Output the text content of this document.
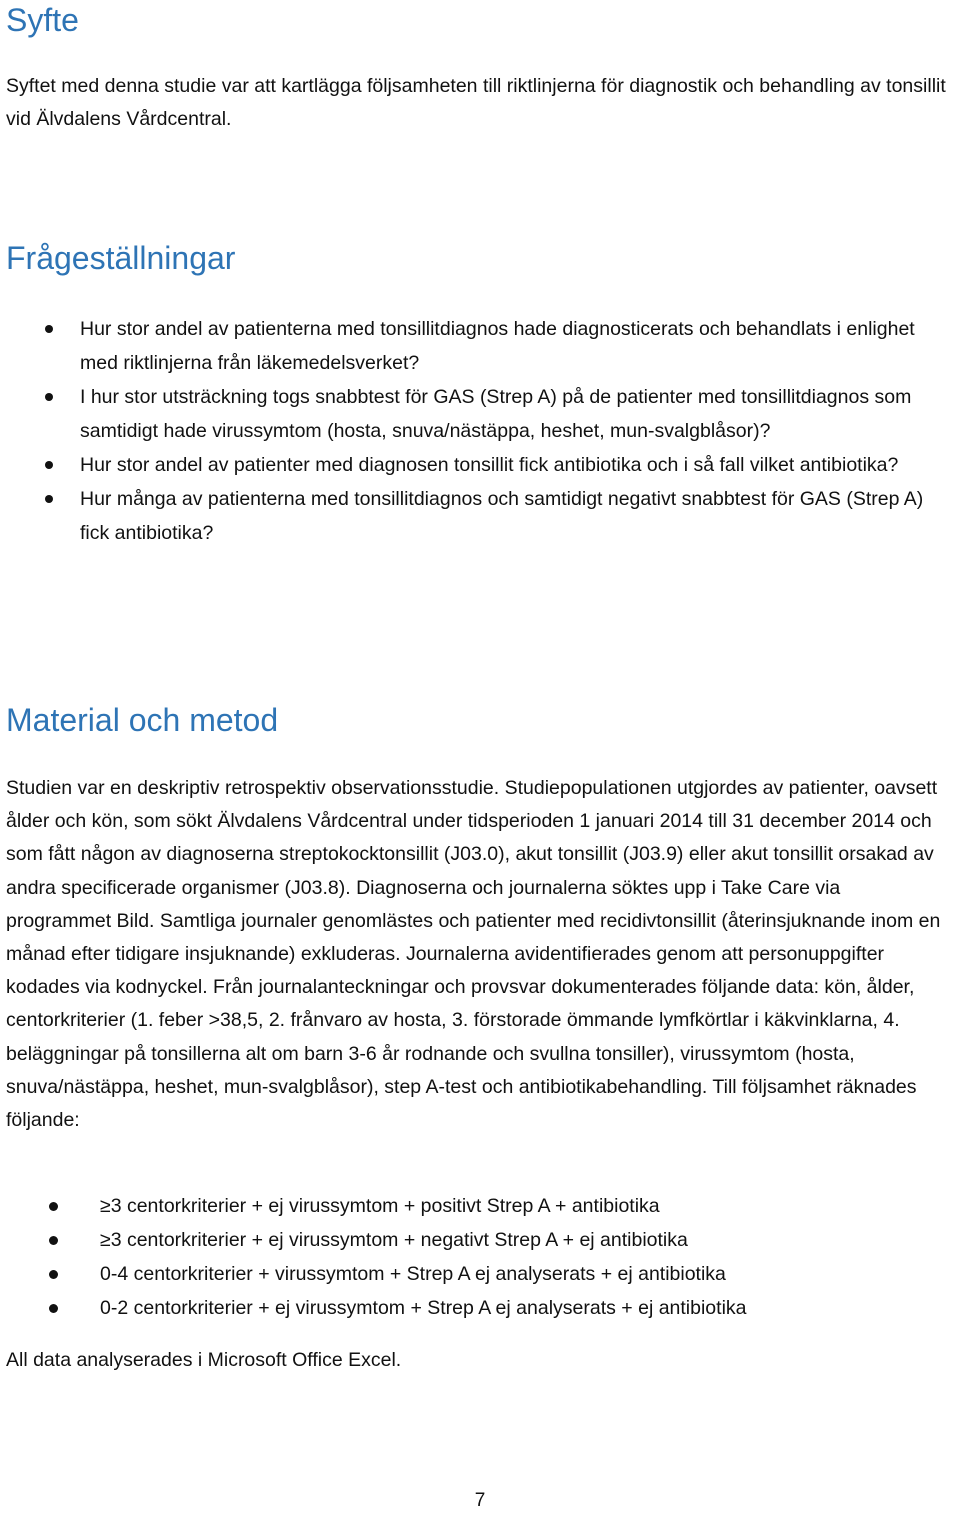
Syfte

Syftet med denna studie var att kartlägga följsamheten till riktlinjerna för diagnostik och behandling av tonsillit vid Älvdalens Vårdcentral.

Frågeställningar
Hur stor andel av patienterna med tonsillitdiagnos hade diagnosticerats och behandlats i enlighet med riktlinjerna från läkemedelsverket?
I hur stor utsträckning togs snabbtest för GAS (Strep A) på de patienter med tonsillitdiagnos som samtidigt hade virussymtom (hosta, snuva/nästäppa, heshet, mun-svalgblåsor)?
Hur stor andel av patienter med diagnosen tonsillit fick antibiotika och i så fall vilket antibiotika?
Hur många av patienterna med tonsillitdiagnos och samtidigt negativt snabbtest för GAS (Strep A) fick antibiotika?
Material och metod

Studien var en deskriptiv retrospektiv observationsstudie. Studiepopulationen utgjordes av patienter, oavsett ålder och kön, som sökt Älvdalens Vårdcentral under tidsperioden 1 januari 2014 till 31 december 2014 och som fått någon av diagnoserna streptokocktonsillit (J03.0), akut tonsillit (J03.9) eller akut tonsillit orsakad av andra specificerade organismer (J03.8). Diagnoserna och journalerna söktes upp i Take Care via programmet Bild. Samtliga journaler genomlästes och patienter med recidivtonsillit (återinsjuknande inom en månad efter tidigare insjuknande) exkluderas. Journalerna avidentifierades genom att personuppgifter kodades via kodnyckel. Från journalanteckningar och provsvar dokumenterades följande data: kön, ålder, centorkriterier (1. feber >38,5, 2. frånvaro av hosta, 3. förstorade ömmande lymfkörtlar i käkvinklarna, 4. beläggningar på tonsillerna alt om barn 3-6 år rodnande och svullna tonsiller), virussymtom (hosta, snuva/nästäppa, heshet, mun-svalgblåsor), step A-test och antibiotikabehandling. Till följsamhet räknades följande:

≥3 centorkriterier + ej virussymtom + positivt Strep A + antibiotika
≥3 centorkriterier + ej virussymtom + negativt Strep A + ej antibiotika
0-4 centorkriterier + virussymtom + Strep A ej analyserats + ej antibiotika
0-2 centorkriterier + ej virussymtom + Strep A ej analyserats + ej antibiotika

All data analyserades i Microsoft Office Excel.

7
